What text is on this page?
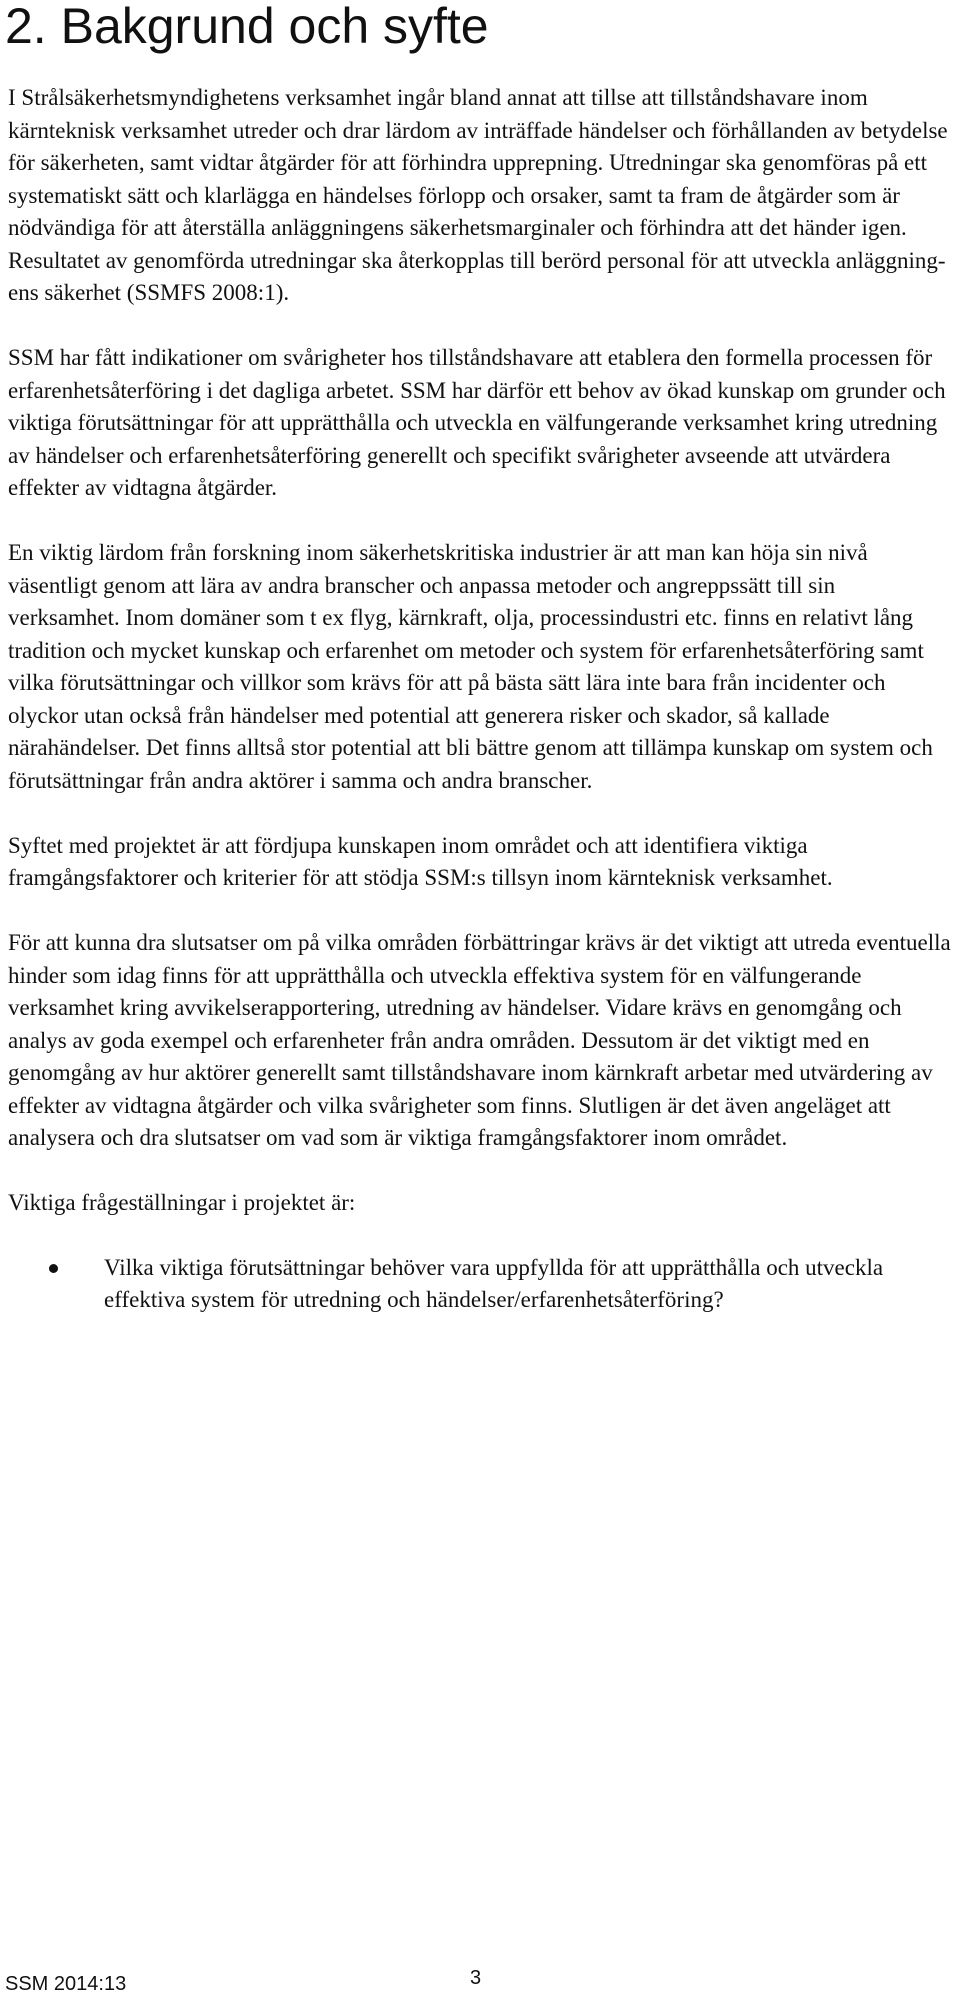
2. Bakgrund och syfte

I Strålsäkerhetsmyndighetens verksamhet ingår bland annat att tillse att tillståndshavare inom kärnteknisk verksamhet utreder och drar lärdom av inträffade händelser och förhållanden av betydelse för säkerheten, samt vidtar åtgärder för att förhindra upprepning. Utredningar ska genomföras på ett systematiskt sätt och klarlägga en händelses förlopp och orsaker, samt ta fram de åtgärder som är nödvändiga för att återställa anläggningens säkerhetsmarginaler och förhindra att det händer igen. Resultatet av genomförda utredningar ska återkopplas till berörd personal för att utveckla anläggningens säkerhet (SSMFS 2008:1).

SSM har fått indikationer om svårigheter hos tillståndshavare att etablera den formella processen för erfarenhetsåterföring i det dagliga arbetet. SSM har därför ett behov av ökad kunskap om grunder och viktiga förutsättningar för att upprätthålla och utveckla en välfungerande verksamhet kring utredning av händelser och erfarenhetsåterföring generellt och specifikt svårigheter avseende att utvärdera effekter av vidtagna åtgärder.

En viktig lärdom från forskning inom säkerhetskritiska industrier är att man kan höja sin nivå väsentligt genom att lära av andra branscher och anpassa metoder och angreppssätt till sin verksamhet. Inom domäner som t ex flyg, kärnkraft, olja, processindustri etc. finns en relativt lång tradition och mycket kunskap och erfarenhet om metoder och system för erfarenhetsåterföring samt vilka förutsättningar och villkor som krävs för att på bästa sätt lära inte bara från incidenter och olyckor utan också från händelser med potential att generera risker och skador, så kallade närahändelser. Det finns alltså stor potential att bli bättre genom att tillämpa kunskap om system och förutsättningar från andra aktörer i samma och andra branscher.

Syftet med projektet är att fördjupa kunskapen inom området och att identifiera viktiga framgångsfaktorer och kriterier för att stödja SSM:s tillsyn inom kärnteknisk verksamhet.

För att kunna dra slutsatser om på vilka områden förbättringar krävs är det viktigt att utreda eventuella hinder som idag finns för att upprätthålla och utveckla effektiva system för en välfungerande verksamhet kring avvikelserapportering, utredning av händelser. Vidare krävs en genomgång och analys av goda exempel och erfarenheter från andra områden. Dessutom är det viktigt med en genomgång av hur aktörer generellt samt tillståndshavare inom kärnkraft arbetar med utvärdering av effekter av vidtagna åtgärder och vilka svårigheter som finns. Slutligen är det även angeläget att analysera och dra slutsatser om vad som är viktiga framgångsfaktorer inom området.

Viktiga frågeställningar i projektet är:

Vilka viktiga förutsättningar behöver vara uppfyllda för att upprätthålla och utveckla effektiva system för utredning och händelser/erfarenhetsåterföring?
SSM 2014:13	3
